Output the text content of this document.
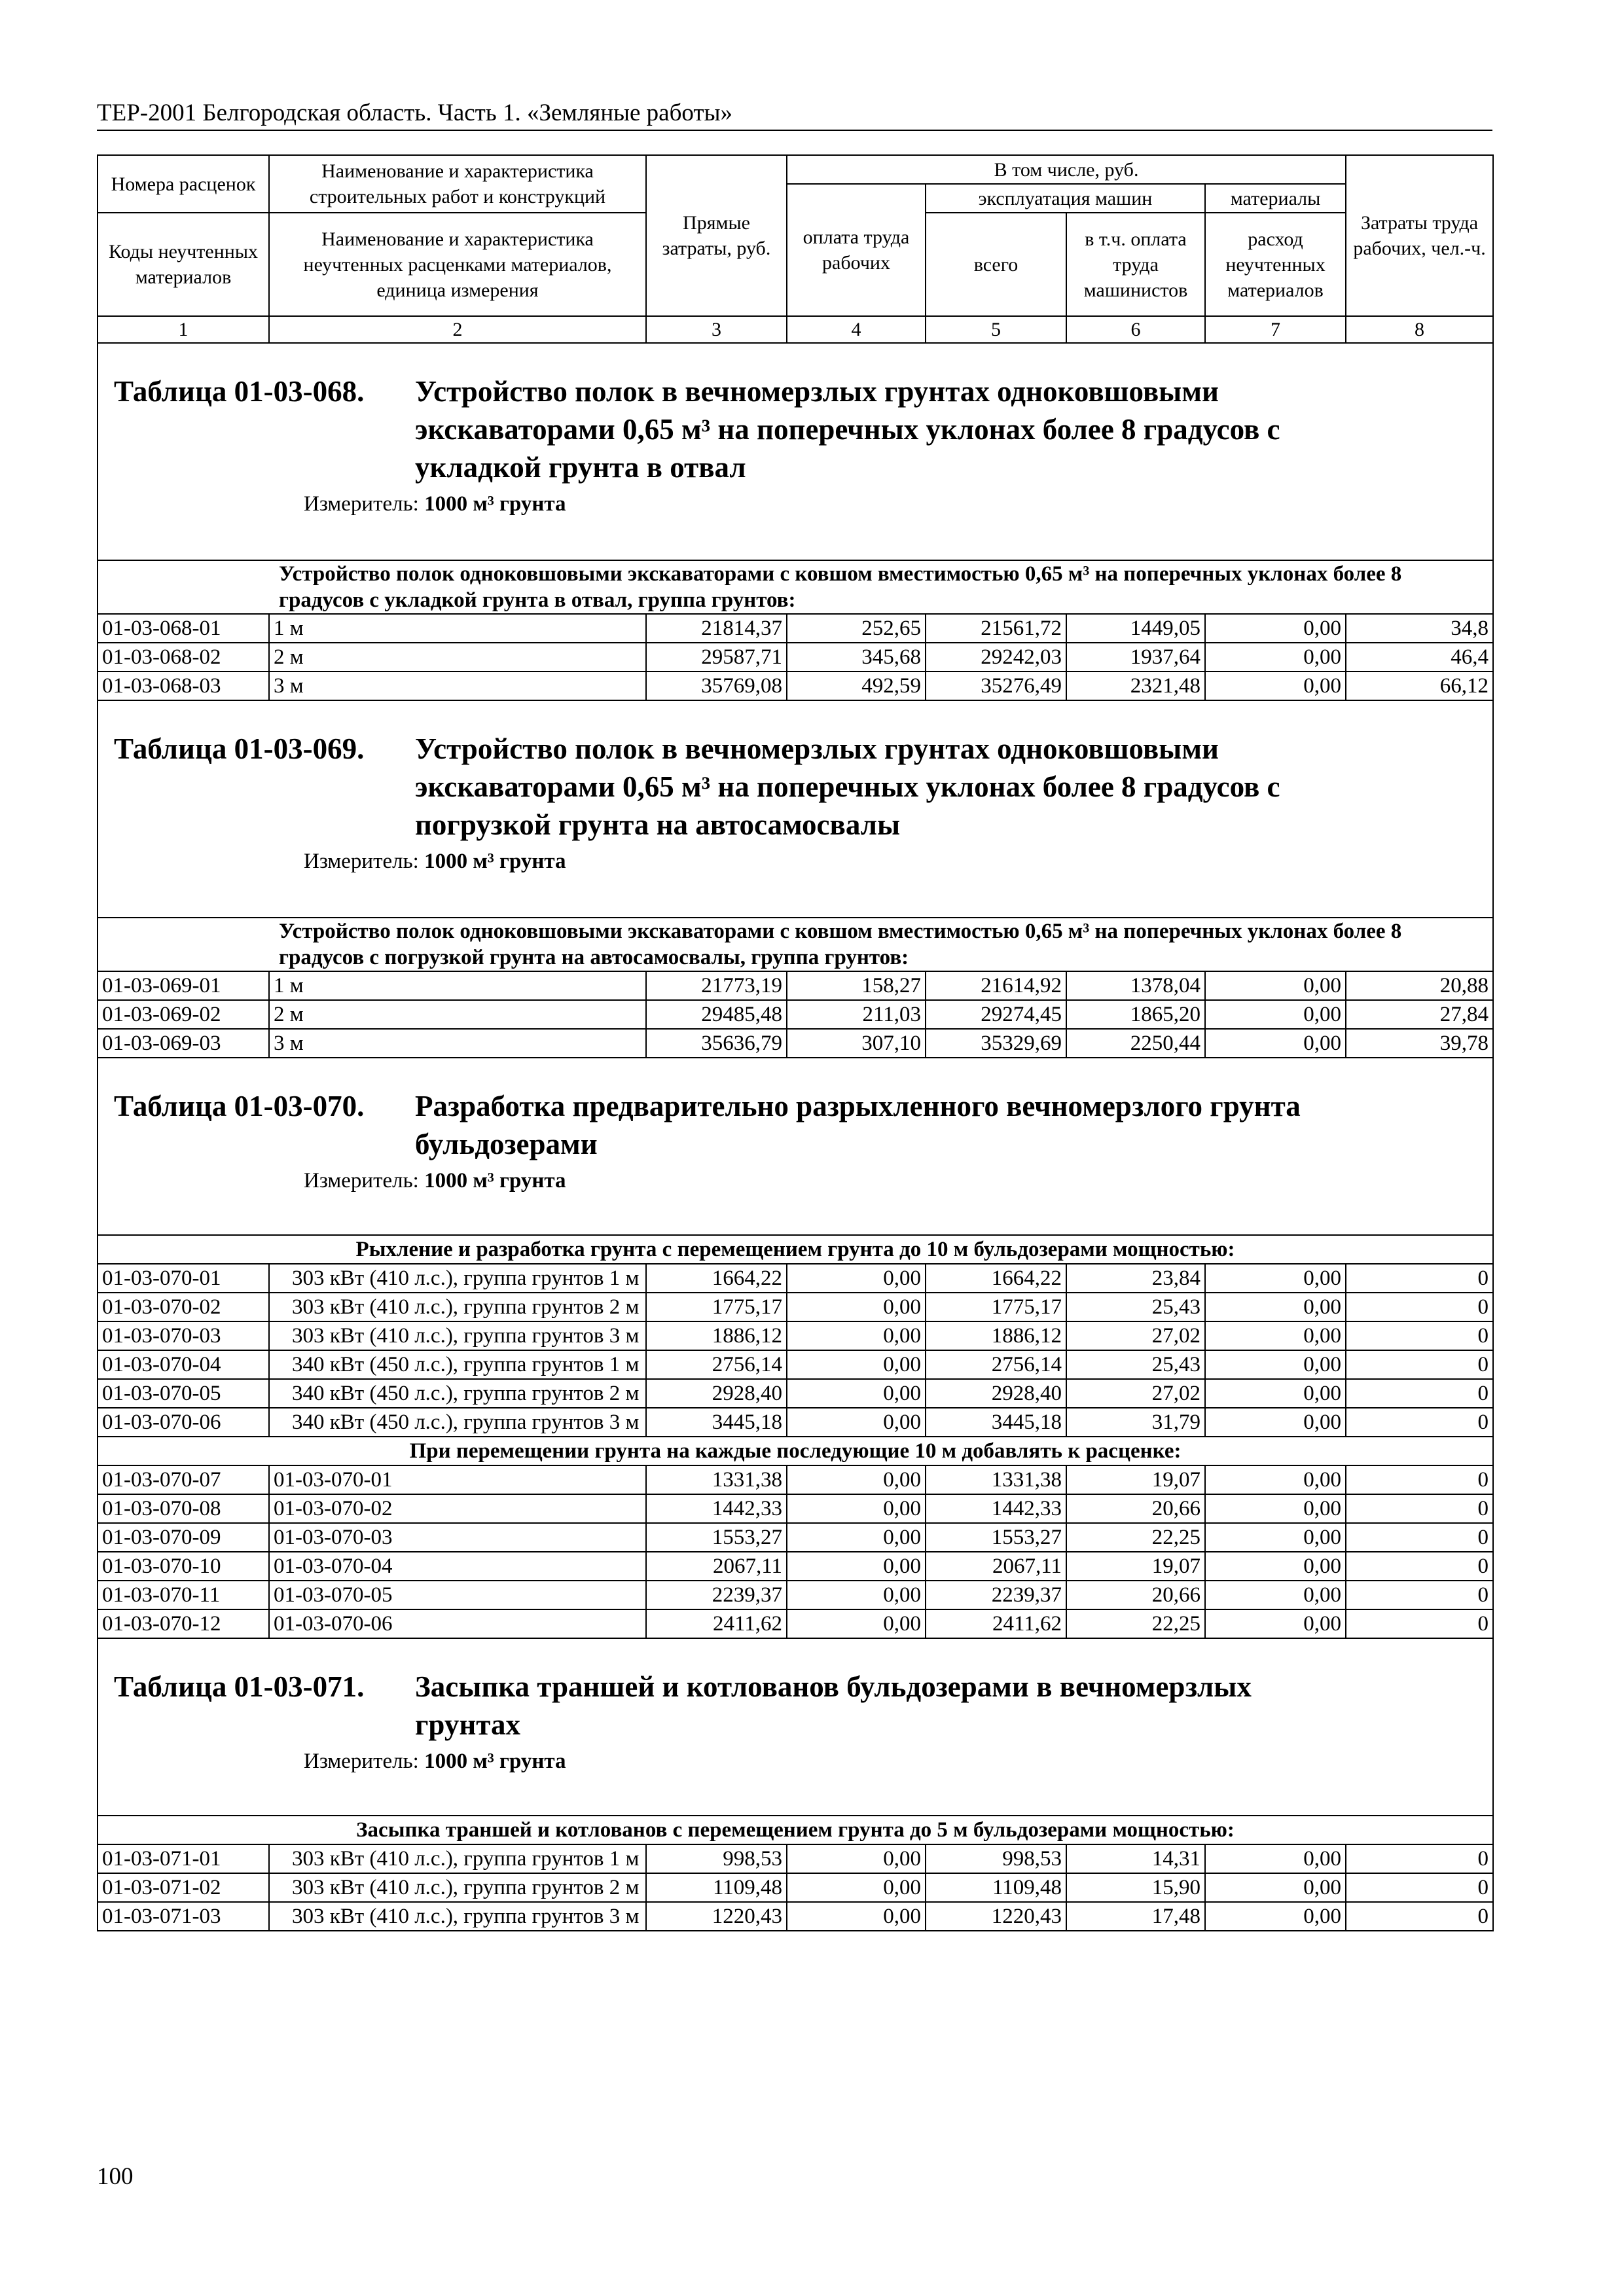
ТЕР-2001 Белгородская область. Часть 1. «Земляные работы»
Номера расценок	Наименование и характеристика строительных работ и конструкций	Прямые затраты, руб.	В том числе, руб.				Затраты труда рабочих, чел.-ч.
			оплата труда рабочих	эксплуатация машин		материалы	
Коды неучтенных материалов	Наименование и характеристика неучтенных расценками материалов, единица измерения			всего	в т.ч. оплата труда машинистов	расход неучтенных материалов	

1	2	3	4	5	6	7	8

Таблица 01-03-068. Устройство полок в вечномерзлых грунтах одноковшовыми
экскаваторами 0,65 м³ на поперечных уклонах более 8 градусов с
укладкой грунта в отвал
Измеритель: 1000 м³ грунта							

Устройство полок одноковшовыми экскаваторами с ковшом вместимостью 0,65 м³ на поперечных уклонах более 8 градусов с укладкой грунта в отвал, группа грунтов:							
01-03-068-01	1 м	21814,37	252,65	21561,72	1449,05	0,00	34,8
01-03-068-02	2 м	29587,71	345,68	29242,03	1937,64	0,00	46,4
01-03-068-03	3 м	35769,08	492,59	35276,49	2321,48	0,00	66,12

Таблица 01-03-069. Устройство полок в вечномерзлых грунтах одноковшовыми
экскаваторами 0,65 м³ на поперечных уклонах более 8 градусов с
погрузкой грунта на автосамосвалы
Измеритель: 1000 м³ грунта							

Устройство полок одноковшовыми экскаваторами с ковшом вместимостью 0,65 м³ на поперечных уклонах более 8 градусов с погрузкой грунта на автосамосвалы, группа грунтов:							
01-03-069-01	1 м	21773,19	158,27	21614,92	1378,04	0,00	20,88
01-03-069-02	2 м	29485,48	211,03	29274,45	1865,20	0,00	27,84
01-03-069-03	3 м	35636,79	307,10	35329,69	2250,44	0,00	39,78

Таблица 01-03-070. Разработка предварительно разрыхленного вечномерзлого грунта
бульдозерами
Измеритель: 1000 м³ грунта							

Рыхление и разработка грунта с перемещением грунта до 10 м бульдозерами мощностью:							
01-03-070-01	303 кВт (410 л.с.), группа грунтов 1 м	1664,22	0,00	1664,22	23,84	0,00	0
01-03-070-02	303 кВт (410 л.с.), группа грунтов 2 м	1775,17	0,00	1775,17	25,43	0,00	0
01-03-070-03	303 кВт (410 л.с.), группа грунтов 3 м	1886,12	0,00	1886,12	27,02	0,00	0
01-03-070-04	340 кВт (450 л.с.), группа грунтов 1 м	2756,14	0,00	2756,14	25,43	0,00	0
01-03-070-05	340 кВт (450 л.с.), группа грунтов 2 м	2928,40	0,00	2928,40	27,02	0,00	0
01-03-070-06	340 кВт (450 л.с.), группа грунтов 3 м	3445,18	0,00	3445,18	31,79	0,00	0
При перемещении грунта на каждые последующие 10 м добавлять к расценке:							
01-03-070-07	01-03-070-01	1331,38	0,00	1331,38	19,07	0,00	0
01-03-070-08	01-03-070-02	1442,33	0,00	1442,33	20,66	0,00	0
01-03-070-09	01-03-070-03	1553,27	0,00	1553,27	22,25	0,00	0
01-03-070-10	01-03-070-04	2067,11	0,00	2067,11	19,07	0,00	0
01-03-070-11	01-03-070-05	2239,37	0,00	2239,37	20,66	0,00	0
01-03-070-12	01-03-070-06	2411,62	0,00	2411,62	22,25	0,00	0

Таблица 01-03-071. Засыпка траншей и котлованов бульдозерами в вечномерзлых
грунтах
Измеритель: 1000 м³ грунта							

Засыпка траншей и котлованов с перемещением грунта до 5 м бульдозерами мощностью:							
01-03-071-01	303 кВт (410 л.с.), группа грунтов 1 м	998,53	0,00	998,53	14,31	0,00	0
01-03-071-02	303 кВт (410 л.с.), группа грунтов 2 м	1109,48	0,00	1109,48	15,90	0,00	0
01-03-071-03	303 кВт (410 л.с.), группа грунтов 3 м	1220,43	0,00	1220,43	17,48	0,00	0
100
